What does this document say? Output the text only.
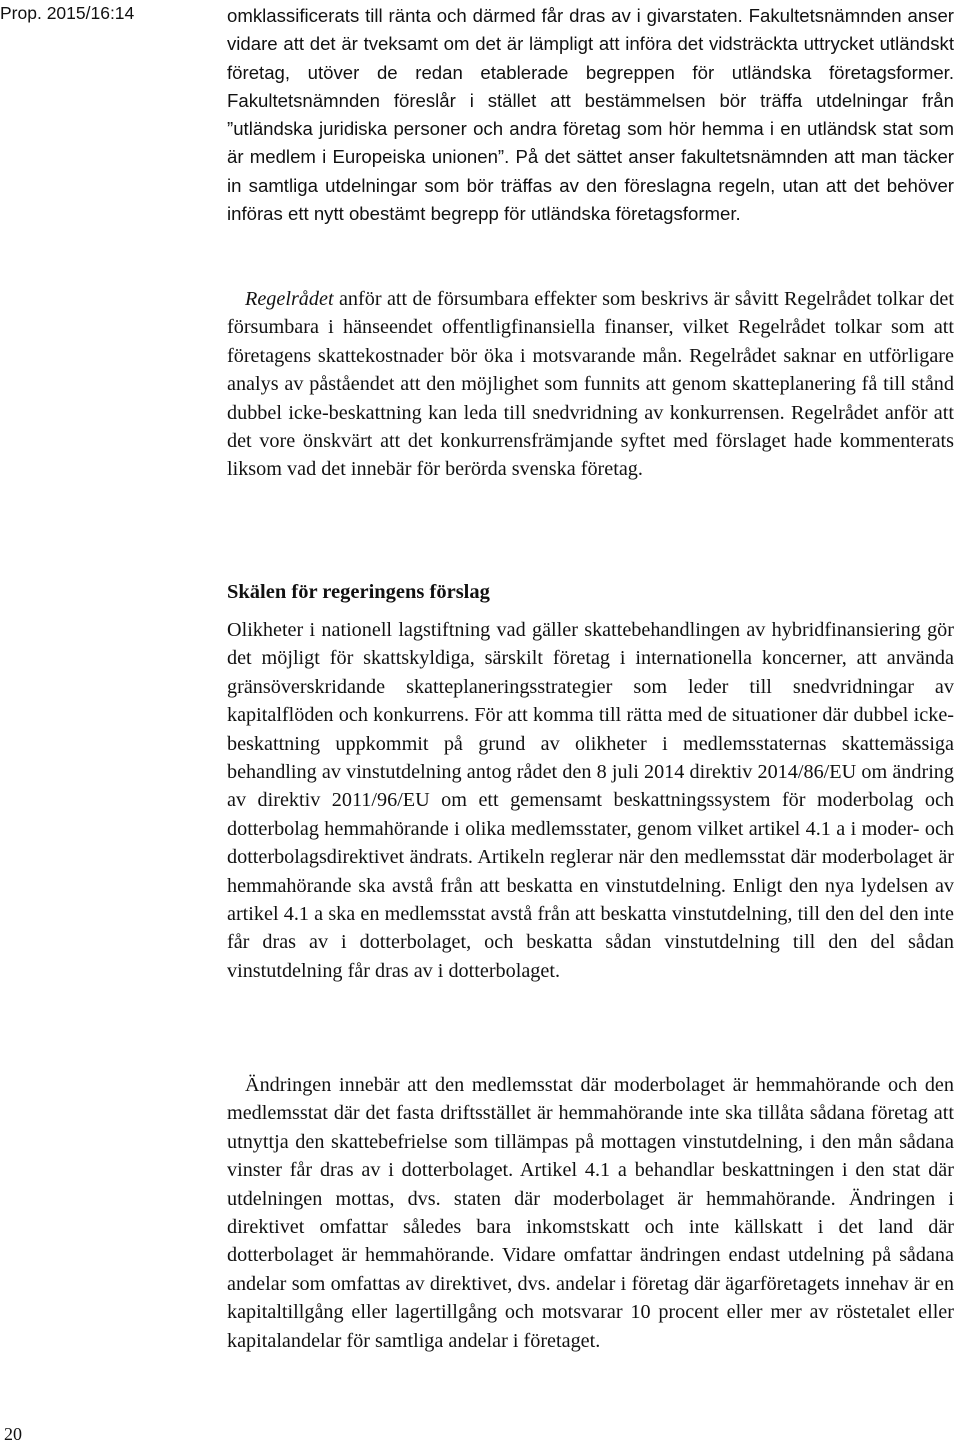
Prop. 2015/16:14	omklassificerats till ränta och därmed får dras av i givarstaten. Fakultetsnämnden anser vidare att det är tveksamt om det är lämpligt att införa det vidsträckta uttrycket utländskt företag, utöver de redan etablerade begreppen för utländska företagsformer. Fakultetsnämnden föreslår i stället att bestämmelsen bör träffa utdelningar från ”utländska juridiska personer och andra företag som hör hemma i en utländsk stat som är medlem i Europeiska unionen”. På det sättet anser fakultetsnämnden att man täcker in samtliga utdelningar som bör träffas av den föreslagna regeln, utan att det behöver införas ett nytt obestämt begrepp för utländska företagsformer.

Regelrådet anför att de försumbara effekter som beskrivs är såvitt Regelrådet tolkar det försumbara i hänseendet offentligfinansiella finanser, vilket Regelrådet tolkar som att företagens skattekostnader bör öka i motsvarande mån. Regelrådet saknar en utförligare analys av påståendet att den möjlighet som funnits att genom skatteplanering få till stånd dubbel icke-beskattning kan leda till snedvridning av konkurrensen. Regelrådet anför att det vore önskvärt att det konkurrensfrämjande syftet med förslaget hade kommenterats liksom vad det innebär för berörda svenska företag.

Skälen för regeringens förslag

Olikheter i nationell lagstiftning vad gäller skattebehandlingen av hybridfinansiering gör det möjligt för skattskyldiga, särskilt företag i internationella koncerner, att använda gränsöverskridande skatteplaneringsstrategier som leder till snedvridningar av kapitalflöden och konkurrens. För att komma till rätta med de situationer där dubbel icke-beskattning uppkommit på grund av olikheter i medlemsstaternas skattemässiga behandling av vinstutdelning antog rådet den 8 juli 2014 direktiv 2014/86/EU om ändring av direktiv 2011/96/EU om ett gemensamt beskattningssystem för moderbolag och dotterbolag hemmahörande i olika medlemsstater, genom vilket artikel 4.1 a i moder- och dotterbolagsdirektivet ändrats. Artikeln reglerar när den medlemsstat där moderbolaget är hemmahörande ska avstå från att beskatta en vinstutdelning. Enligt den nya lydelsen av artikel 4.1 a ska en medlemsstat avstå från att beskatta vinstutdelning, till den del den inte får dras av i dotterbolaget, och beskatta sådan vinstutdelning till den del sådan vinstutdelning får dras av i dotterbolaget.

Ändringen innebär att den medlemsstat där moderbolaget är hemmahörande och den medlemsstat där det fasta driftsstället är hemmahörande inte ska tillåta sådana företag att utnyttja den skattebefrielse som tillämpas på mottagen vinstutdelning, i den mån sådana vinster får dras av i dotterbolaget. Artikel 4.1 a behandlar beskattningen i den stat där utdelningen mottas, dvs. staten där moderbolaget är hemmahörande. Ändringen i direktivet omfattar således bara inkomstskatt och inte källskatt i det land där dotterbolaget är hemmahörande. Vidare omfattar ändringen endast utdelning på sådana andelar som omfattas av direktivet, dvs. andelar i företag där ägarföretagets innehav är en kapitaltillgång eller lagertillgång och motsvarar 10 procent eller mer av röstetalet eller kapitalandelar för samtliga andelar i företaget.

20
